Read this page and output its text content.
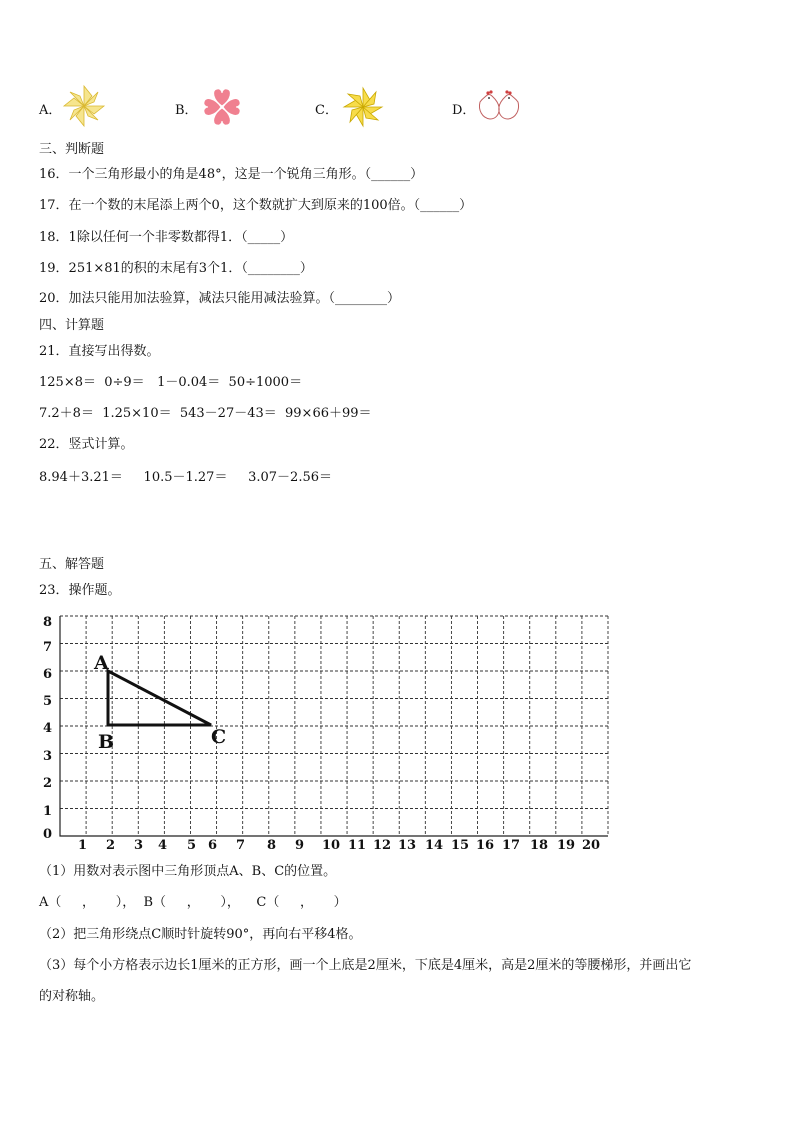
A．	B．	C．	D．
三、判断题
16．一个三角形最小的角是48°，这是一个锐角三角形。（______）
17．在一个数的末尾添上两个0，这个数就扩大到原来的100倍。（______）
18．1除以任何一个非零数都得1．（_____）
19．251×81的积的末尾有3个1．（________）
20．加法只能用加法验算，减法只能用减法验算。（________）
四、计算题
21．直接写出得数。
125×8＝  0÷9＝   1－0.04＝  50÷1000＝
7.2＋8＝  1.25×10＝  543－27－43＝  99×66＋99＝
22．竖式计算。
8.94＋3.21＝     10.5－1.27＝     3.07－2.56＝
五、解答题
23．操作题。
A
B	C
1 2 3 4 5 6 7 8 9 10 11 12 13 14 15 16 17 18 19 20
0
1
2
3
4
5
6
7
8
（1）用数对表示图中三角形顶点A、B、C的位置。
A（     ，     ），  B（     ，     ），    C（     ，     ）
（2）把三角形绕点C顺时针旋转90°，再向右平移4格。
（3）每个小方格表示边长1厘米的正方形，画一个上底是2厘米，下底是4厘米，高是2厘米的等腰梯形，并画出它
的对称轴。
